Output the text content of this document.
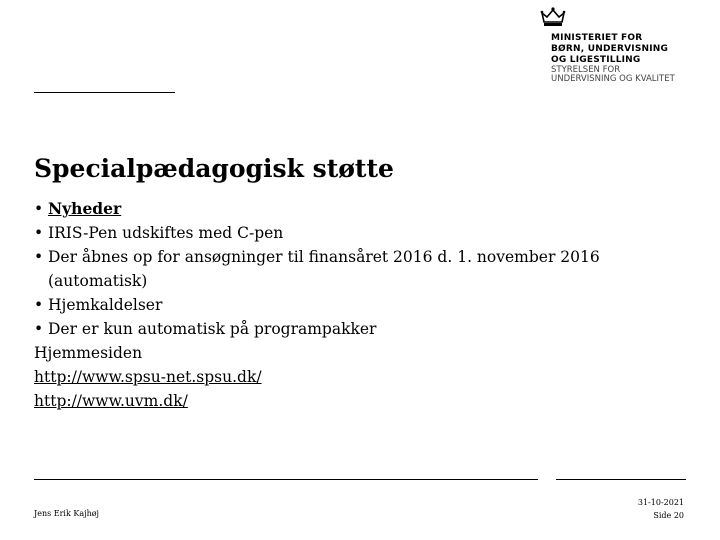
MINISTERIET FOR
BØRN, UNDERVISNING
OG LIGESTILLING
STYRELSEN FOR
UNDERVISNING OG KVALITET
Specialpædagogisk støtte
• Nyheder
• IRIS-Pen udskiftes med C-pen
• Der åbnes op for ansøgninger til finansåret 2016 d. 1. november 2016 (automatisk)
• Hjemkaldelser
• Der er kun automatisk på programpakker
Hjemmesiden
http://www.spsu-net.spsu.dk/
http://www.uvm.dk/
Jens Erik Kajhøj
31-10-2021
Side 20
